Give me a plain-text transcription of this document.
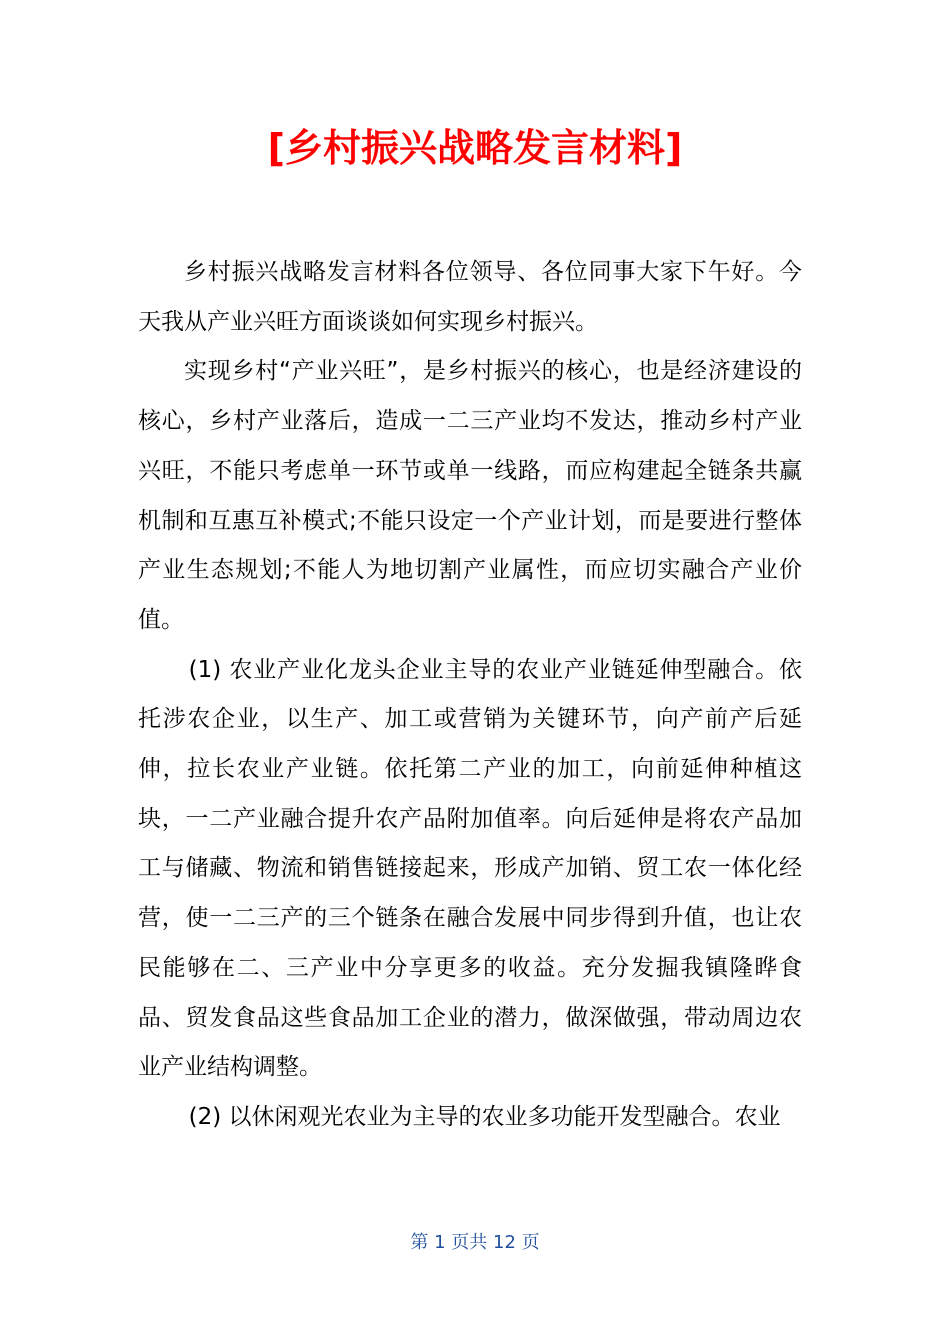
[乡村振兴战略发言材料]

乡村振兴战略发言材料各位领导、各位同事大家下午好。今天我从产业兴旺方面谈谈如何实现乡村振兴。

实现乡村“产业兴旺”，是乡村振兴的核心，也是经济建设的核心，乡村产业落后，造成一二三产业均不发达，推动乡村产业兴旺，不能只考虑单一环节或单一线路，而应构建起全链条共赢机制和互惠互补模式;不能只设定一个产业计划，而是要进行整体产业生态规划;不能人为地切割产业属性，而应切实融合产业价值。

(1) 农业产业化龙头企业主导的农业产业链延伸型融合。依托涉农企业，以生产、加工或营销为关键环节，向产前产后延伸，拉长农业产业链。依托第二产业的加工，向前延伸种植这块，一二产业融合提升农产品附加值率。向后延伸是将农产品加工与储藏、物流和销售链接起来，形成产加销、贸工农一体化经营，使一二三产的三个链条在融合发展中同步得到升值，也让农民能够在二、三产业中分享更多的收益。充分发掘我镇隆晔食品、贸发食品这些食品加工企业的潜力，做深做强，带动周边农业产业结构调整。

(2) 以休闲观光农业为主导的农业多功能开发型融合。农业

第 1 页共 12 页
